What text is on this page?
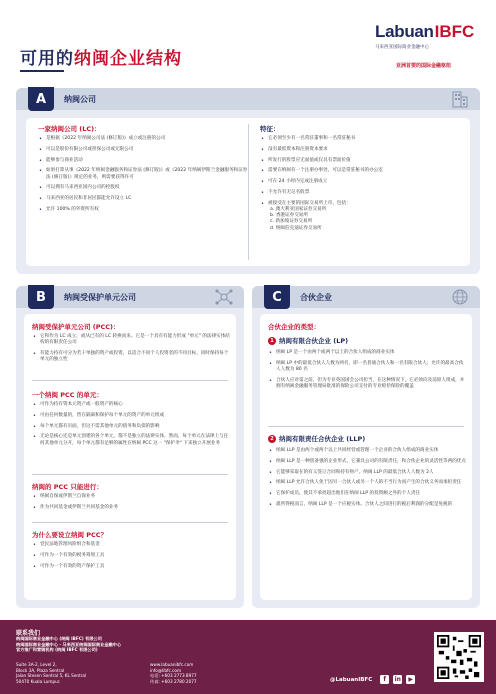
可用的纳闽企业结构
Labuan IBFC
马来西亚国际商业金融中心
亚洲首要的国际金融枢纽
A	纳闽公司
一家纳闽公司 (LC)：
• 是根据《2022 年纳闽公司法 (修订版)》成立或注册的公司
• 可以是股份有限公司或担保公司或无限公司
• 能够参与商业活动
• 如果打算从事《2022 年纳闽金融服务和证券法 (修订版)》或《2022 年纳闽伊斯兰金融服务和证券法 (修订版)》规定的业务，则需要获得许可
• 可以拥有马来西亚国内公司的控股权
• 马来西亚的居民和非居民都能允许设立 LC
• 允许 100% 的外资所有权
特征：
• 它必须至少有一名常驻董事和一名常驻秘书
• 没有最低资本和注册资本要求
• 所发行的股票应无面值或仅具有票面价值
• 需要在纳闽有一个注册办事处，可以是常驻秘书的办公室
• 可在 24 小时内完成注册成立
• 不允许有无记名股票
• 被接受在主要的国际交易所上市，包括：
a. 澳大利亚国家证券交易所
b. 香港证券交易所
c. 新加坡证券交易所
d. 纳闽伯克迪证券交易所
B	纳闽受保护单元公司
纳闽受保护单元公司 (PCC)：
• 它和作为 LC 成立，或从已有的 LC 转换而来。它是一个具有有能力形成 "单元" 的法律实体结构的有限责任公司
• 有能力持有可分为若干单独的资产或投资，以适合不同个人投资者的不同目标，同时保持每个单元的独立性
一个纳闽 PCC 的单元：
• 可作为持有资本元资产或一般资产的核心
• 可由任何数量的，皆在隔离和保护每个单元的资产的单元组成
• 每个单元都有页面，但这不需其他单元的债务和负债的影响
• 无论是核心还是单元创建的各个单元，都不是独立的法律实体。然而，每个单元在法律上与任何其他单元分开，每个单元都有足够的属性在纳闽 PCC 这一 "保护伞" 下来独立开展业务
纳闽的 PCC 只能进行：
• 纳闽自保或伊斯兰自保业务
• 作为共同基金或伊斯兰共同基金的业务
为什么要设立纳闽 PCC？
• 党民法地管理风险组合和基金
• 可作为一个有效的税务筹划工具
• 可作为一个有效的资产保护工具
C	合伙企业
合伙企业的类型：
1 纳闽有限合伙企业 (LP)
• 纳闽 LP 是一个由两个或两个以上的合伙人组成的商业实体
• 纳闽 LP 中的最低合伙人人数为两名，即一名普通合伙人和一名有限合伙人；允许的最高合伙人人数为 80 名
• 合伙人应对第之前，但为专业英国国会公司担当，在这种情况下，它必须向及前原人组成，并拥有纳闽金融服务管理局批准的保险公司支付的专业赔偿保险的覆盖
2 纳闽有限责任合伙企业 (LLP)
• 纳闽 LLP 是由两个或两个以上共同经营或管理一个企业的合伙人组成的商业实体
• 纳闽 LLP 是一种创备强的企业形式，它兼具公司的有限责任，和合伙企业的灵活性等两的优点
• 它能够采取在的有义签订合同和持有财产。纳闽 LLP 的最低合伙人人数为 2人
• 纳闽 LLP 允许合伙人免于因另一合伙人或另一个人的不当行为而产生的合伙义务而承担责任
• 它保护成员，使其不承担超出他们在纳闽 LLP 的投资额之外的个人责任
• 就所得税而言，纳闽 LLP 是一个应税实体。合伙人之间进行的税后利润的分配是免税的
联系我们
纳闽国际商业金融中心 (纳闽 IBFC) 有限公司
纳闽国际商业金融中心 · 马来西亚纳闽国际商业金融中心
官方推广和营销机构 (纳闽 IBFC 有限公司)
Suite 3A-2, Level 2,
Block 3A, Plaza Sentral
Jalan Stesen Sentral 5, KL Sentral
50470 Kuala Lumpur.
www.labuanibfc.com
info@libfc.com
电话: +603 2773 8977
传真: +603 2780 2077	@LabuanIBFC	f	in	▶
